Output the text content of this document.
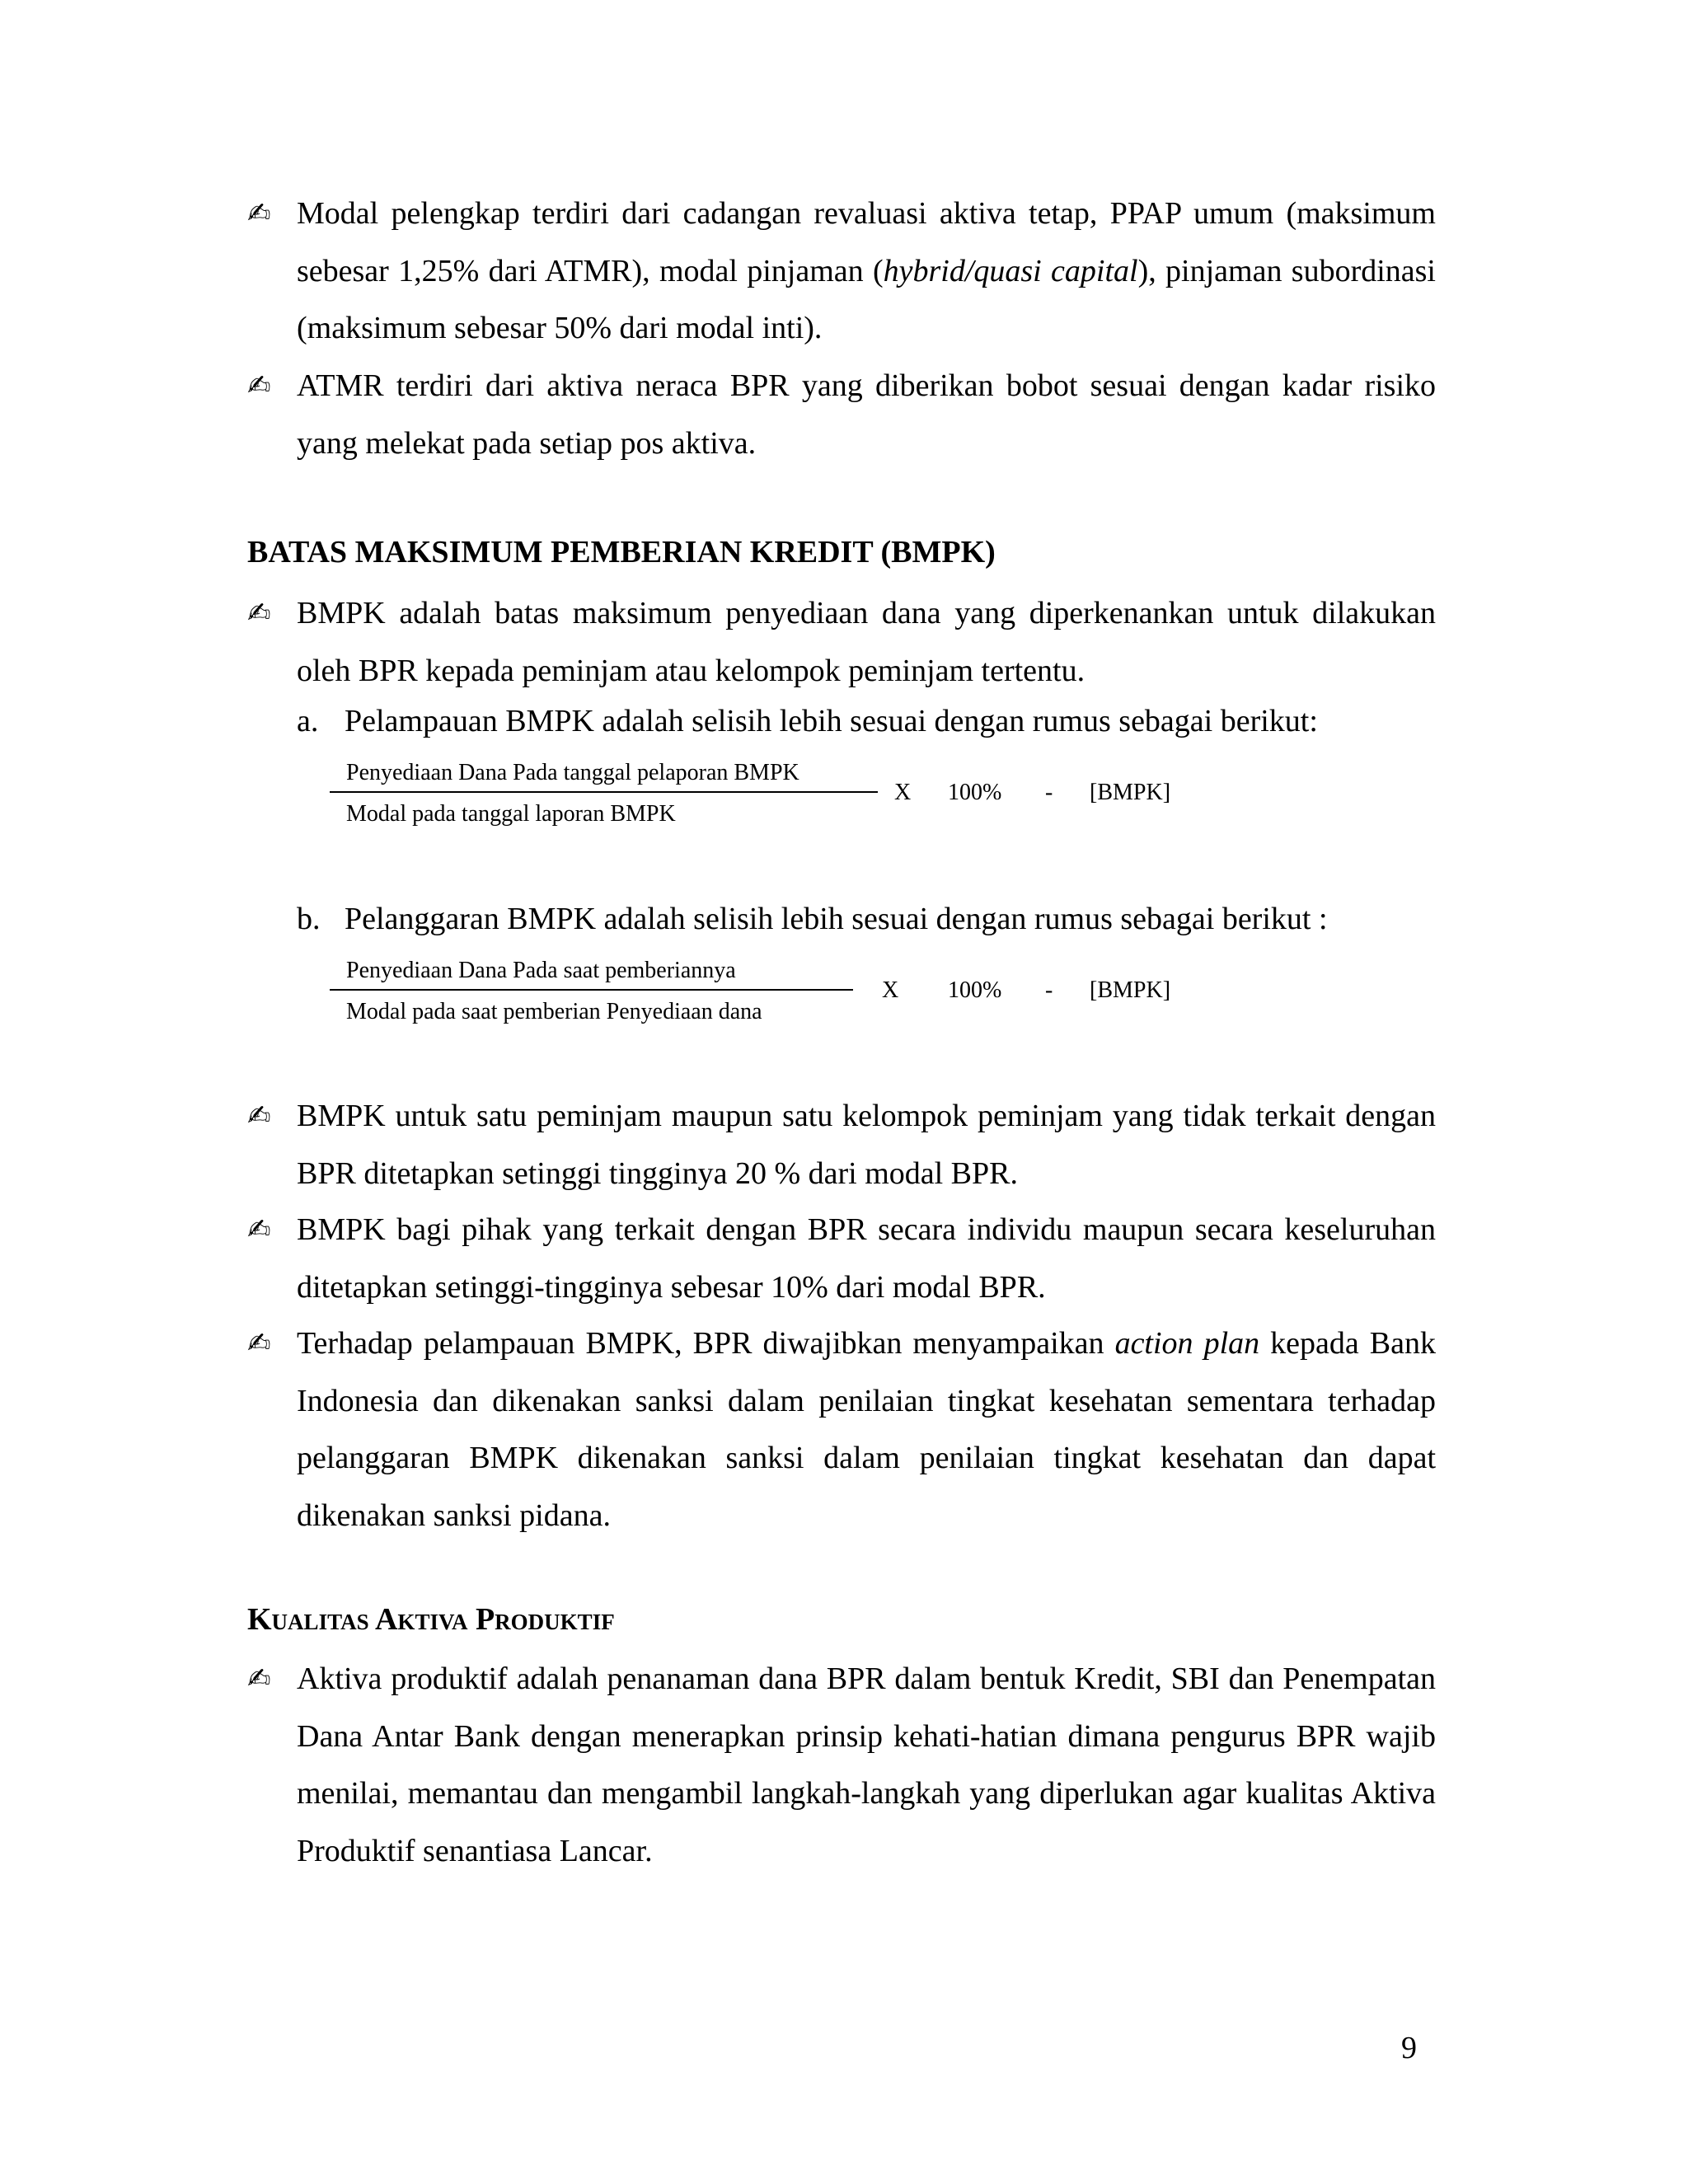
✍ Modal pelengkap terdiri dari cadangan revaluasi aktiva tetap, PPAP umum (maksimum sebesar 1,25% dari ATMR), modal pinjaman (hybrid/quasi capital), pinjaman subordinasi (maksimum sebesar 50% dari modal inti).
✍ ATMR terdiri dari aktiva neraca BPR yang diberikan bobot sesuai dengan kadar risiko yang melekat pada setiap pos aktiva.
BATAS MAKSIMUM PEMBERIAN KREDIT (BMPK)
✍ BMPK adalah batas maksimum penyediaan dana yang diperkenankan untuk dilakukan oleh BPR kepada peminjam atau kelompok peminjam tertentu.
a. Pelampauan BMPK adalah selisih lebih sesuai dengan rumus sebagai berikut:
Penyediaan Dana Pada tanggal pelaporan BMPK
Modal pada tanggal laporan BMPK
X 100% - [BMPK]
b. Pelanggaran BMPK adalah selisih lebih sesuai dengan rumus sebagai berikut :
Penyediaan Dana Pada saat pemberiannya
Modal pada saat pemberian Penyediaan dana
X 100% - [BMPK]
✍ BMPK untuk satu peminjam maupun satu kelompok peminjam yang tidak terkait dengan BPR ditetapkan setinggi tingginya 20 % dari modal BPR.
✍ BMPK bagi pihak yang terkait dengan BPR secara individu maupun secara keseluruhan ditetapkan setinggi-tingginya sebesar 10% dari modal BPR.
✍ Terhadap pelampauan BMPK, BPR diwajibkan menyampaikan action plan kepada Bank Indonesia dan dikenakan sanksi dalam penilaian tingkat kesehatan sementara terhadap pelanggaran BMPK dikenakan sanksi dalam penilaian tingkat kesehatan dan dapat dikenakan sanksi pidana.
Kualitas Aktiva Produktif
✍ Aktiva produktif adalah penanaman dana BPR dalam bentuk Kredit, SBI dan Penempatan Dana Antar Bank dengan menerapkan prinsip kehati-hatian dimana pengurus BPR wajib menilai, memantau dan mengambil langkah-langkah yang diperlukan agar kualitas Aktiva Produktif senantiasa Lancar.
9
